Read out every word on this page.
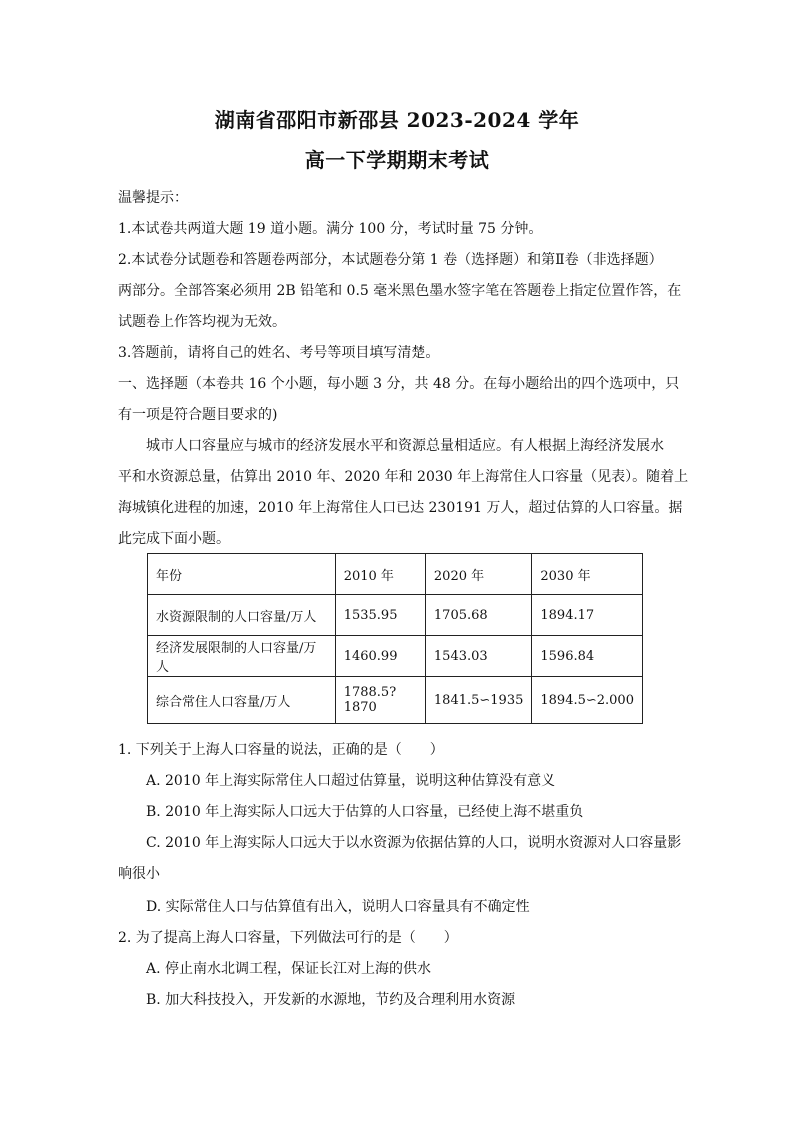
湖南省邵阳市新邵县 2023-2024 学年
高一下学期期末考试
温馨提示：
1.本试卷共两道大题 19 道小题。满分 100 分，考试时量 75 分钟。
2.本试卷分试题卷和答题卷两部分，本试题卷分第 1 卷（选择题）和第Ⅱ卷（非选择题）
两部分。全部答案必须用 2B 铅笔和 0.5 毫米黑色墨水签字笔在答题卷上指定位置作答，在
试题卷上作答均视为无效。
3.答题前，请将自己的姓名、考号等项目填写清楚。
一、选择题（本卷共 16 个小题，每小题 3 分，共 48 分。在每小题给出的四个选项中，只
有一项是符合题目要求的)
城市人口容量应与城市的经济发展水平和资源总量相适应。有人根据上海经济发展水
平和水资源总量，估算出 2010 年、2020 年和 2030 年上海常住人口容量（见表）。随着上
海城镇化进程的加速，2010 年上海常住人口已达 230191 万人，超过估算的人口容量。据
此完成下面小题。
年份	2010 年	2020 年	2030 年
水资源限制的人口容量/万人	1535.95	1705.68	1894.17
经济发展限制的人口容量/万人	1460.99	1543.03	1596.84
综合常住人口容量/万人	1788.5?1870	1841.5∽1935	1894.5∽2.000
1. 下列关于上海人口容量的说法，正确的是（　　）
A. 2010 年上海实际常住人口超过估算量，说明这种估算没有意义
B. 2010 年上海实际人口远大于估算的人口容量，已经使上海不堪重负
C. 2010 年上海实际人口远大于以水资源为依据估算的人口，说明水资源对人口容量影
响很小
D. 实际常住人口与估算值有出入，说明人口容量具有不确定性
2. 为了提高上海人口容量，下列做法可行的是（　　）
A. 停止南水北调工程，保证长江对上海的供水
B. 加大科技投入，开发新的水源地，节约及合理利用水资源
